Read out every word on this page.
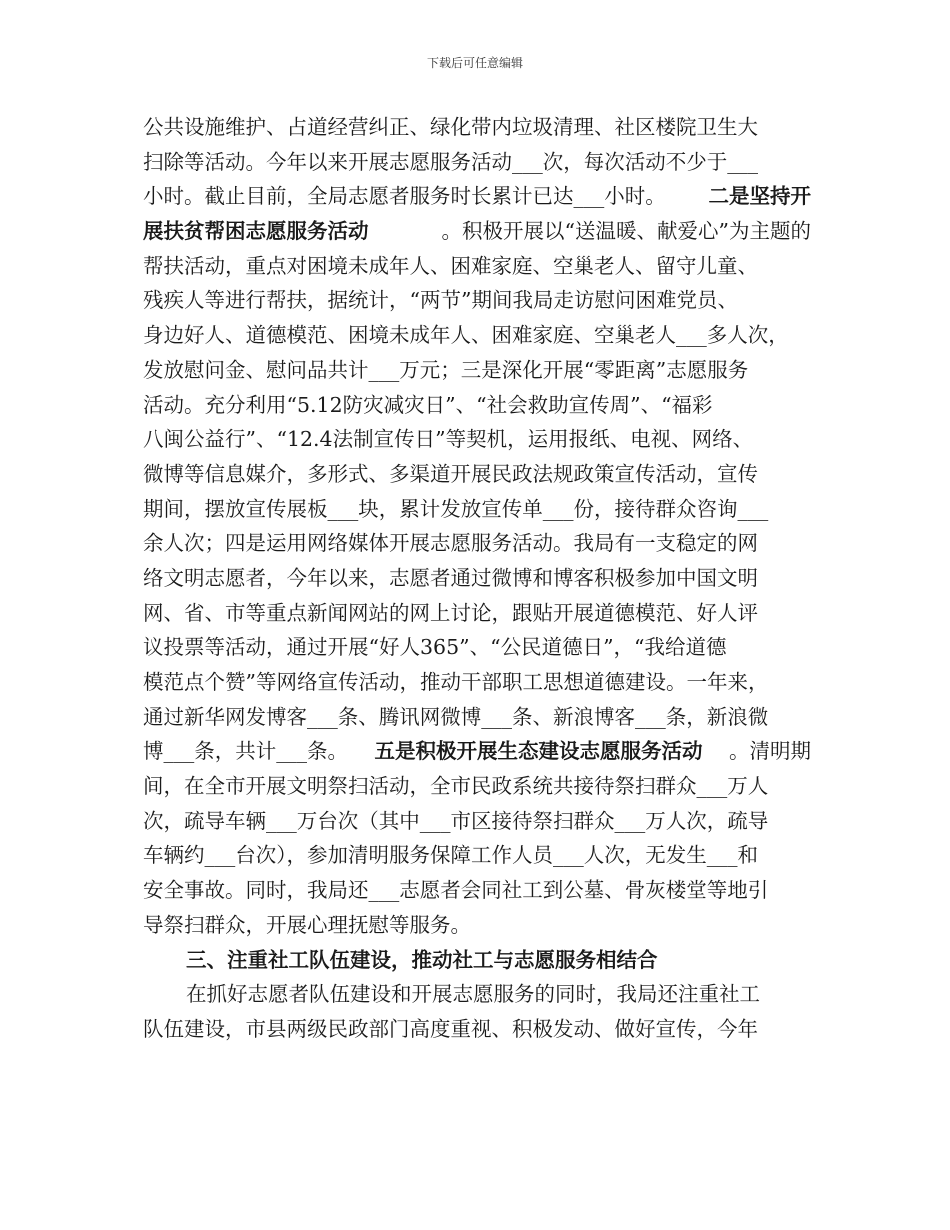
下载后可任意编辑
公共设施维护、占道经营纠正、绿化带内垃圾清理、社区楼院卫生大
扫除等活动。今年以来开展志愿服务活动___次，每次活动不少于___
小时。截止目前，全局志愿者服务时长累计已达___小时。 二是坚持开
展扶贫帮困志愿服务活动	。积极开展以“送温暖、献爱心”为主题的
帮扶活动，重点对困境未成年人、困难家庭、空巢老人、留守儿童、
残疾人等进行帮扶，据统计，“两节”期间我局走访慰问困难党员、
身边好人、道德模范、困境未成年人、困难家庭、空巢老人___多人次，
发放慰问金、慰问品共计___万元；三是深化开展“零距离”志愿服务
活动。充分利用“5.12防灾减灾日”、“社会救助宣传周”、“福彩
八闽公益行”、“12.4法制宣传日”等契机，运用报纸、电视、网络、
微博等信息媒介，多形式、多渠道开展民政法规政策宣传活动，宣传
期间，摆放宣传展板___块，累计发放宣传单___份，接待群众咨询___
余人次；四是运用网络媒体开展志愿服务活动。我局有一支稳定的网
络文明志愿者，今年以来，志愿者通过微博和博客积极参加中国文明
网、省、市等重点新闻网站的网上讨论，跟贴开展道德模范、好人评
议投票等活动，通过开展“好人365”、“公民道德日”，“我给道德
模范点个赞”等网络宣传活动，推动干部职工思想道德建设。一年来，
通过新华网发博客___条、腾讯网微博___条、新浪博客___条，新浪微
博___条，共计___条。 五是积极开展生态建设志愿服务活动 。清明期
间，在全市开展文明祭扫活动，全市民政系统共接待祭扫群众___万人
次，疏导车辆___万台次（其中___市区接待祭扫群众___万人次，疏导
车辆约___台次），参加清明服务保障工作人员___人次，无发生___和
安全事故。同时，我局还___志愿者会同社工到公墓、骨灰楼堂等地引
导祭扫群众，开展心理抚慰等服务。
三、注重社工队伍建设，推动社工与志愿服务相结合
在抓好志愿者队伍建设和开展志愿服务的同时，我局还注重社工
队伍建设，市县两级民政部门高度重视、积极发动、做好宣传，今年
